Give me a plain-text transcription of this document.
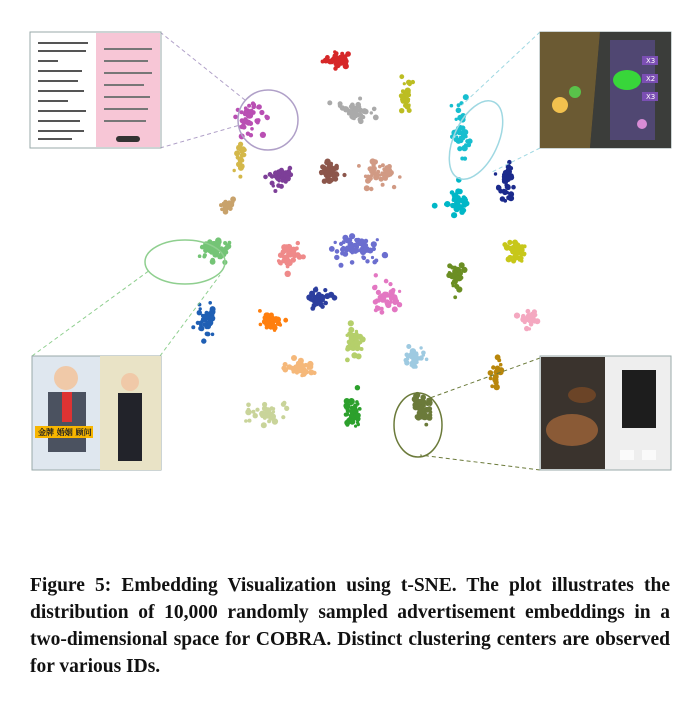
X3
X2
X3
金牌 婚姻 顾问
Figure 5: Embedding Visualization using t-SNE. The plot illustrates the distribution of 10,000 randomly sampled advertisement embeddings in a two-dimensional space for COBRA. Distinct clustering centers are observed for various IDs.
